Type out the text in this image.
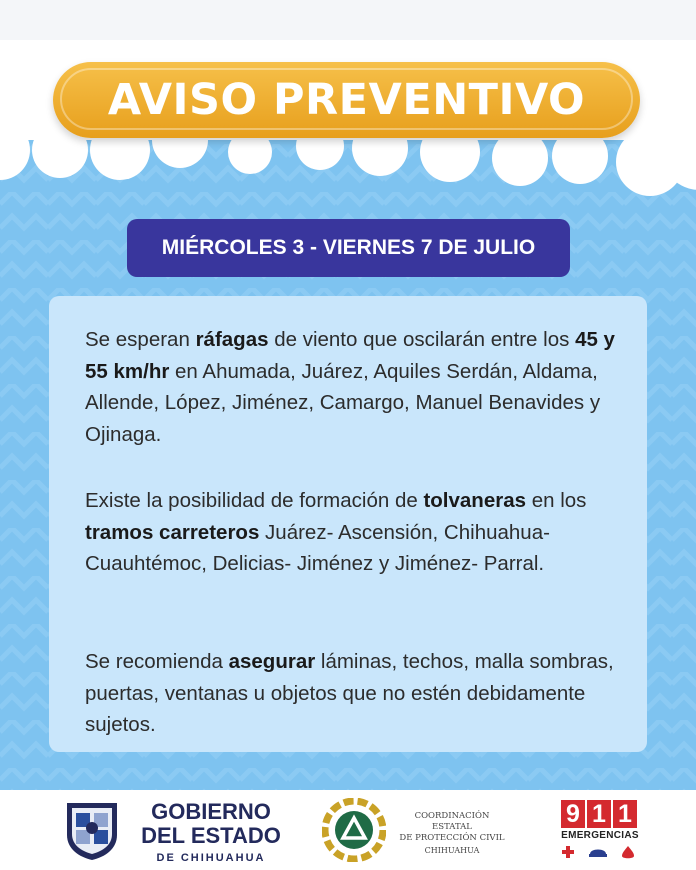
AVISO PREVENTIVO
MIÉRCOLES 3 - VIERNES 7 DE JULIO

Se esperan ráfagas de viento que oscilarán entre los 45 y 55 km/hr en Ahumada, Juárez, Aquiles Serdán, Aldama, Allende, López, Jiménez, Camargo, Manuel Benavides y Ojinaga.

Existe la posibilidad de formación de tolvaneras en los tramos carreteros Juárez- Ascensión, Chihuahua- Cuauhtémoc, Delicias- Jiménez y Jiménez- Parral.

Se recomienda asegurar láminas, techos, malla sombras, puertas, ventanas u objetos que no estén debidamente sujetos.

GOBIERNO
DEL ESTADO
DE CHIHUAHUA
COORDINACIÓN ESTATAL
DE PROTECCIÓN CIVIL
CHIHUAHUA
9 1 1
EMERGENCIAS
